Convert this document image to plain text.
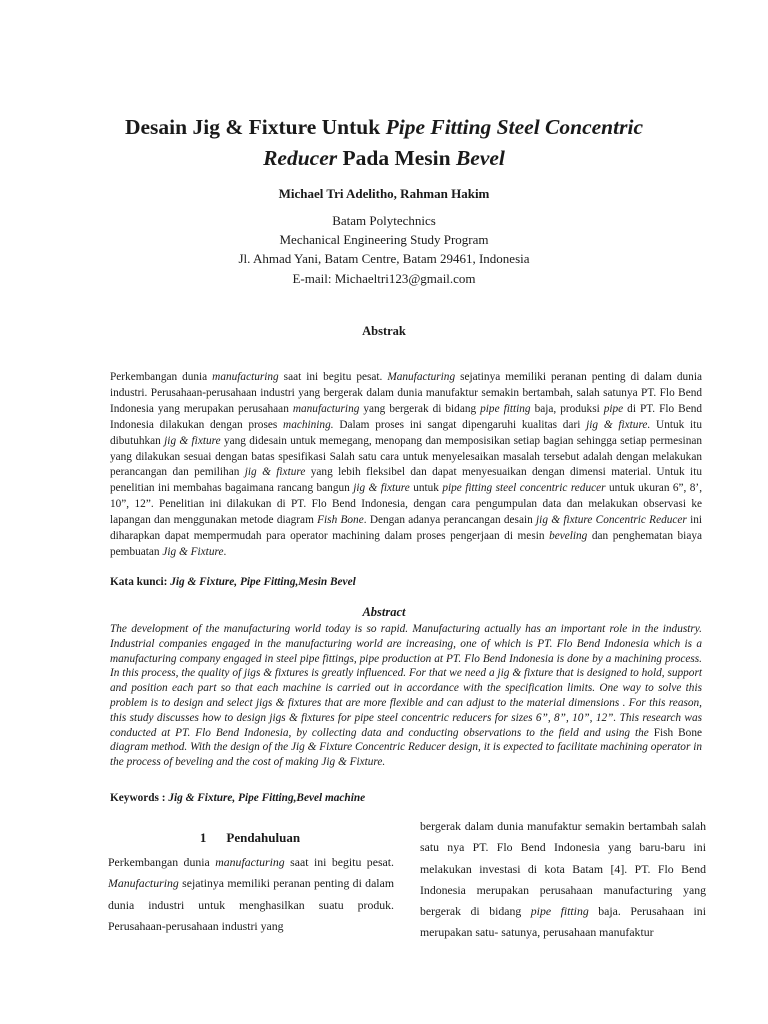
Desain Jig & Fixture Untuk Pipe Fitting Steel Concentric
Reducer Pada Mesin Bevel

Michael Tri Adelitho, Rahman Hakim

Batam Polytechnics
Mechanical Engineering Study Program
Jl. Ahmad Yani, Batam Centre, Batam 29461, Indonesia
E-mail: Michaeltri123@gmail.com

Abstrak

Perkembangan dunia manufacturing saat ini begitu pesat. Manufacturing sejatinya memiliki peranan penting di dalam dunia industri. Perusahaan-perusahaan industri yang bergerak dalam dunia manufaktur semakin bertambah, salah satunya PT. Flo Bend Indonesia yang merupakan perusahaan manufacturing yang bergerak di bidang pipe fitting baja, produksi pipe di PT. Flo Bend Indonesia dilakukan dengan proses machining. Dalam proses ini sangat dipengaruhi kualitas dari jig & fixture. Untuk itu dibutuhkan jig & fixture yang didesain untuk memegang, menopang dan memposisikan setiap bagian sehingga setiap permesinan yang dilakukan sesuai dengan batas spesifikasi Salah satu cara untuk menyelesaikan masalah tersebut adalah dengan melakukan perancangan dan pemilihan jig & fixture yang lebih fleksibel dan dapat menyesuaikan dengan dimensi material. Untuk itu penelitian ini membahas bagaimana rancang bangun jig & fixture untuk pipe fitting steel concentric reducer untuk ukuran 6”, 8’, 10”, 12”. Penelitian ini dilakukan di PT. Flo Bend Indonesia, dengan cara pengumpulan data dan melakukan observasi ke lapangan dan menggunakan metode diagram Fish Bone. Dengan adanya perancangan desain jig & fixture Concentric Reducer ini diharapkan dapat mempermudah para operator machining dalam proses pengerjaan di mesin beveling dan penghematan biaya pembuatan Jig & Fixture.

Kata kunci: Jig & Fixture, Pipe Fitting,Mesin Bevel

Abstract

The development of the manufacturing world today is so rapid. Manufacturing actually has an important role in the industry. Industrial companies engaged in the manufacturing world are increasing, one of which is PT. Flo Bend Indonesia which is a manufacturing company engaged in steel pipe fittings, pipe production at PT. Flo Bend Indonesia is done by a machining process. In this process, the quality of jigs & fixtures is greatly influenced. For that we need a jig & fixture that is designed to hold, support and position each part so that each machine is carried out in accordance with the specification limits. One way to solve this problem is to design and select jigs & fixtures that are more flexible and can adjust to the material dimensions . For this reason, this study discusses how to design jigs & fixtures for pipe steel concentric reducers for sizes 6”, 8”, 10”, 12”. This research was conducted at PT. Flo Bend Indonesia, by collecting data and conducting observations to the field and using the Fish Bone diagram method. With the design of the Jig & Fixture Concentric Reducer design, it is expected to facilitate machining operator in the process of beveling and the cost of making Jig & Fixture.

Keywords : Jig & Fixture, Pipe Fitting,Bevel machine

1 Pendahuluan

Perkembangan dunia manufacturing saat ini begitu pesat. Manufacturing sejatinya memiliki peranan penting di dalam dunia industri untuk menghasilkan suatu produk. Perusahaan-perusahaan industri yang

bergerak dalam dunia manufaktur semakin bertambah salah satu nya PT. Flo Bend Indonesia yang baru-baru ini melakukan investasi di kota Batam [4]. PT. Flo Bend Indonesia merupakan perusahaan manufacturing yang bergerak di bidang pipe fitting baja. Perusahaan ini merupakan satu- satunya, perusahaan manufaktur
